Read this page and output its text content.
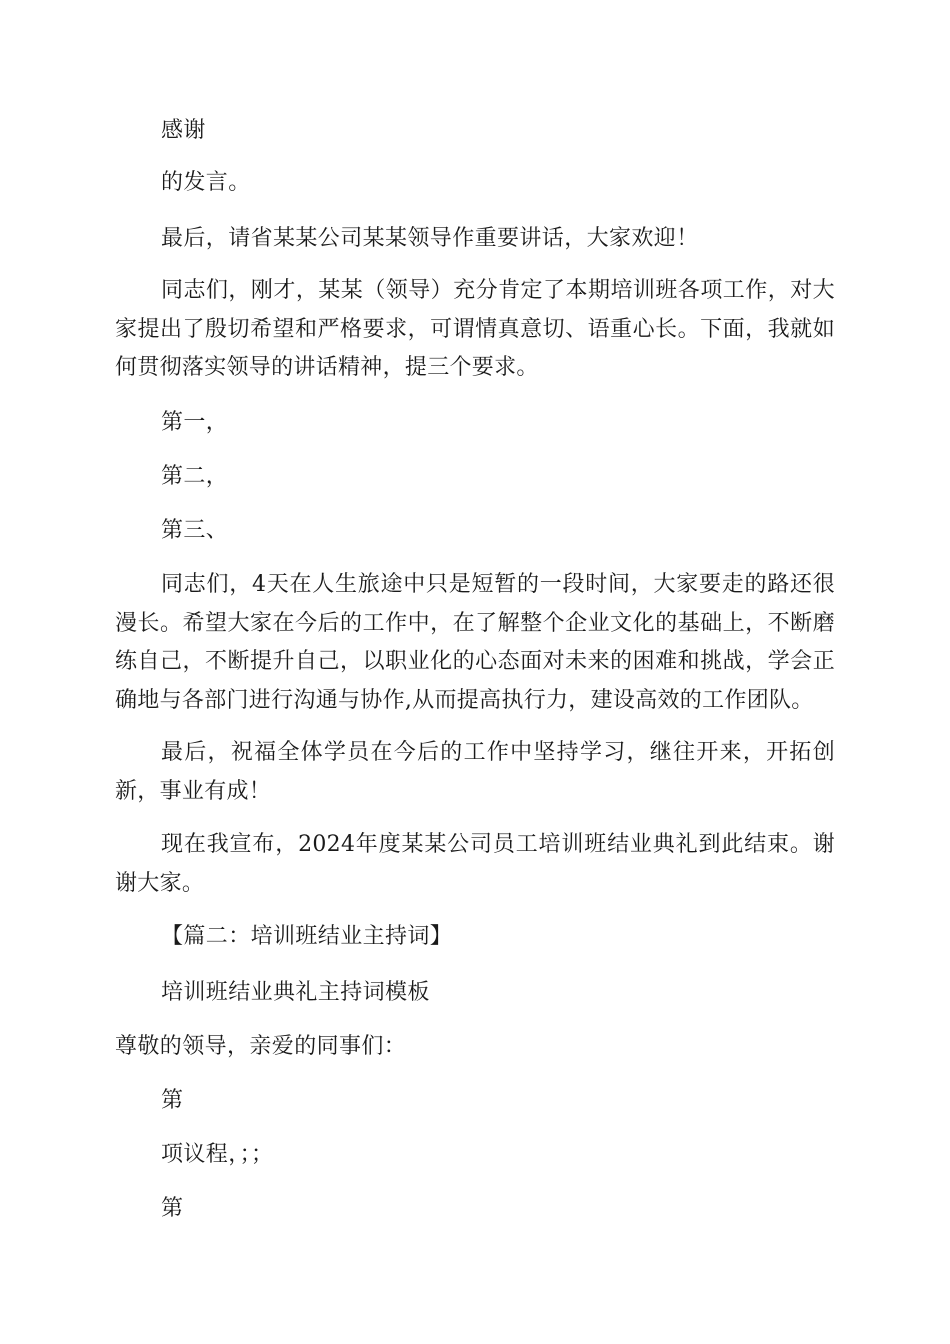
感谢

的发言。

最后，请省某某公司某某领导作重要讲话，大家欢迎！

同志们，刚才，某某（领导）充分肯定了本期培训班各项工作，对大家提出了殷切希望和严格要求，可谓情真意切、语重心长。下面，我就如何贯彻落实领导的讲话精神，提三个要求。

第一，

第二，

第三、

同志们，4天在人生旅途中只是短暂的一段时间，大家要走的路还很漫长。希望大家在今后的工作中，在了解整个企业文化的基础上，不断磨练自己，不断提升自己，以职业化的心态面对未来的困难和挑战，学会正确地与各部门进行沟通与协作,从而提高执行力，建设高效的工作团队。

最后，祝福全体学员在今后的工作中坚持学习，继往开来，开拓创新，事业有成！

现在我宣布，2024年度某某公司员工培训班结业典礼到此结束。谢谢大家。

【篇二：培训班结业主持词】

培训班结业典礼主持词模板

尊敬的领导，亲爱的同事们：

第

项议程，；；

第
